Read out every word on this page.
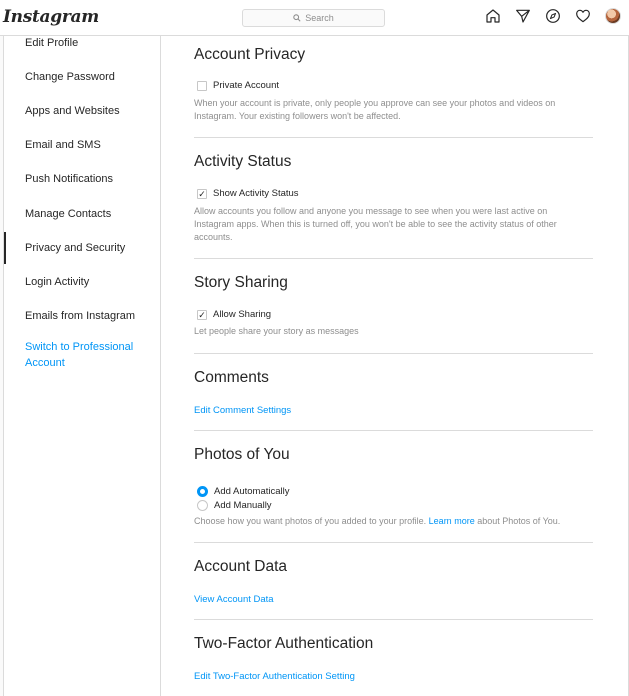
Instagram	Search
Edit Profile
Change Password
Apps and Websites
Email and SMS
Push Notifications
Manage Contacts
Privacy and Security
Login Activity
Emails from Instagram
Switch to Professional Account
Account Privacy
Private Account
When your account is private, only people you approve can see your photos and videos on Instagram. Your existing followers won't be affected.
Activity Status
✓ Show Activity Status
Allow accounts you follow and anyone you message to see when you were last active on Instagram apps. When this is turned off, you won't be able to see the activity status of other accounts.
Story Sharing
✓ Allow Sharing
Let people share your story as messages
Comments
Edit Comment Settings
Photos of You
Add Automatically
Add Manually
Choose how you want photos of you added to your profile. Learn more about Photos of You.
Account Data
View Account Data
Two-Factor Authentication
Edit Two-Factor Authentication Setting
